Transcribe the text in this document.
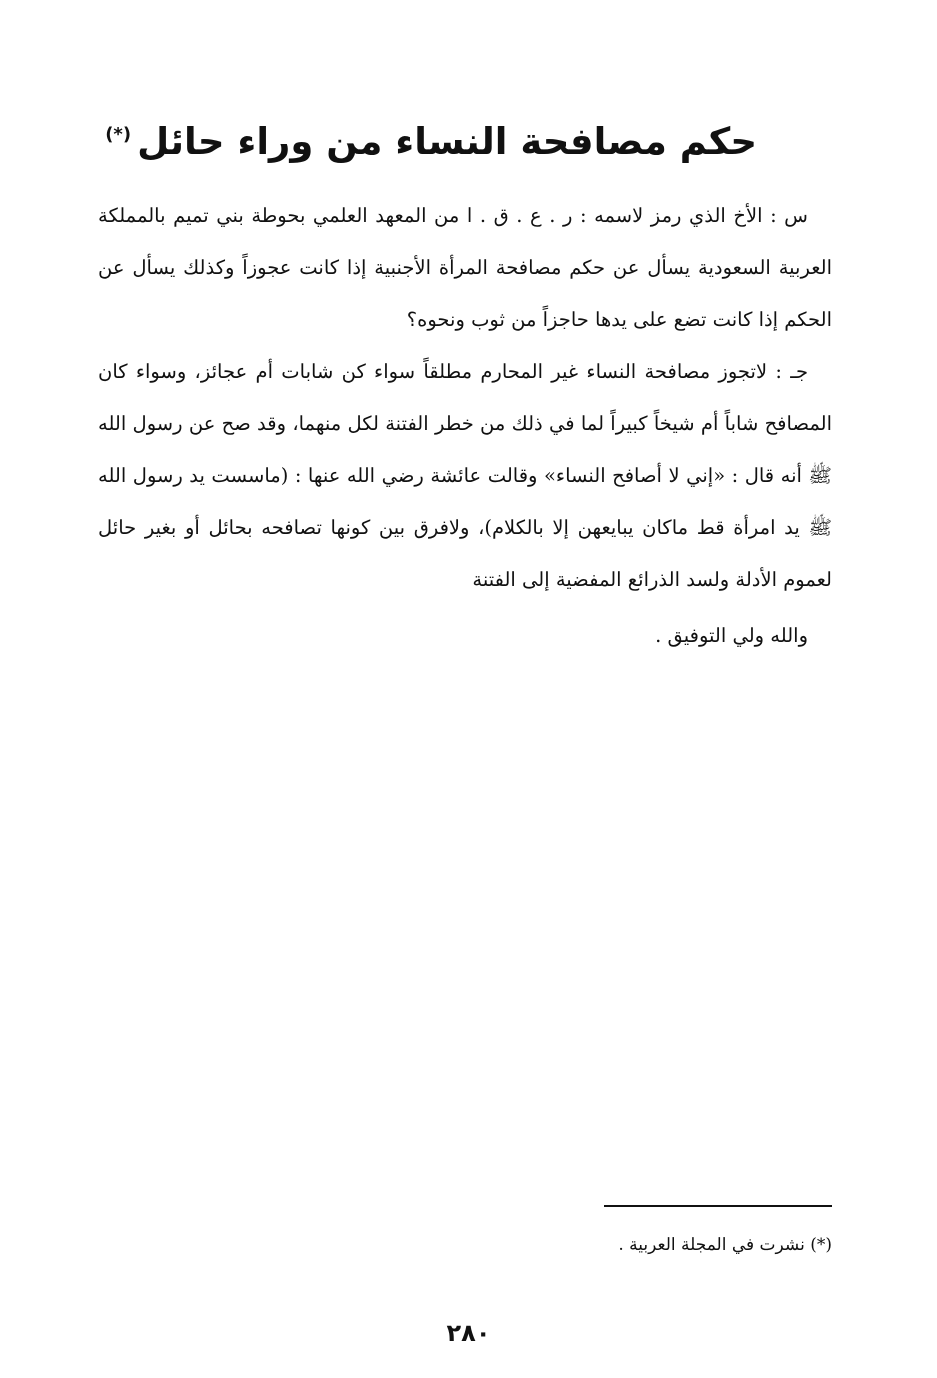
حكم مصافحة النساء من وراء حائل(*)

س : الأخ الذي رمز لاسمه : ر . ع . ق . ا من المعهد العلمي بحوطة بني تميم بالمملكة العربية السعودية يسأل عن حكم مصافحة المرأة الأجنبية إذا كانت عجوزاً وكذلك يسأل عن الحكم إذا كانت تضع على يدها حاجزاً من ثوب ونحوه؟

جـ : لاتجوز مصافحة النساء غير المحارم مطلقاً سواء كن شابات أم عجائز، وسواء كان المصافح شاباً أم شيخاً كبيراً لما في ذلك من خطر الفتنة لكل منهما، وقد صح عن رسول الله ﷺ أنه قال : «إني لا أصافح النساء» وقالت عائشة رضي الله عنها : (ماسست يد رسول الله ﷺ يد امرأة قط ماكان يبايعهن إلا بالكلام)، ولافرق بين كونها تصافحه بحائل أو بغير حائل لعموم الأدلة ولسد الذرائع المفضية إلى الفتنة

والله ولي التوفيق .

(*) نشرت في المجلة العربية .
٢٨٠
